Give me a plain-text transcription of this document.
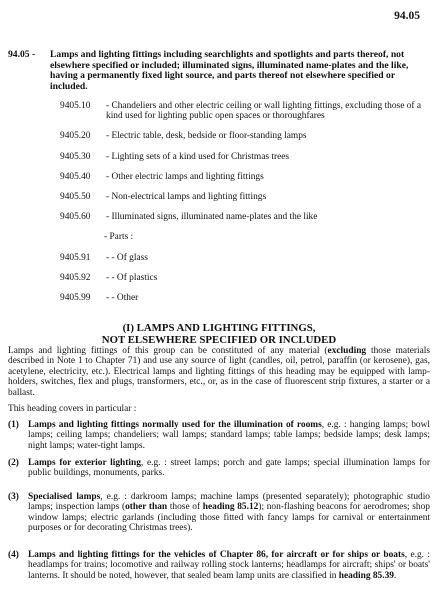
94.05
94.05 - Lamps and lighting fittings including searchlights and spotlights and parts thereof, not elsewhere specified or included; illuminated signs, illuminated name-plates and the like, having a permanently fixed light source, and parts thereof not elsewhere specified or included.
9405.10 - Chandeliers and other electric ceiling or wall lighting fittings, excluding those of a kind used for lighting public open spaces or thoroughfares
9405.20 - Electric table, desk, bedside or floor-standing lamps
9405.30 - Lighting sets of a kind used for Christmas trees
9405.40 - Other electric lamps and lighting fittings
9405.50 - Non-electrical lamps and lighting fittings
9405.60 - Illuminated signs, illuminated name-plates and the like
- Parts :
9405.91 - - Of glass
9405.92 - - Of plastics
9405.99 - - Other
(I) LAMPS AND LIGHTING FITTINGS,
NOT ELSEWHERE SPECIFIED OR INCLUDED
Lamps and lighting fittings of this group can be constituted of any material (excluding those materials described in Note 1 to Chapter 71) and use any source of light (candles, oil, petrol, paraffin (or kerosene), gas, acetylene, electricity, etc.). Electrical lamps and lighting fittings of this heading may be equipped with lamp-holders, switches, flex and plugs, transformers, etc., or, as in the case of fluorescent strip fixtures, a starter or a ballast.
This heading covers in particular :
(1) Lamps and lighting fittings normally used for the illumination of rooms, e.g. : hanging lamps; bowl lamps; ceiling lamps; chandeliers; wall lamps; standard lamps; table lamps; bedside lamps; desk lamps; night lamps; water-tight lamps.
(2) Lamps for exterior lighting, e.g. : street lamps; porch and gate lamps; special illumination lamps for public buildings, monuments, parks.
(3) Specialised lamps, e.g. : darkroom lamps; machine lamps (presented separately); photographic studio lamps; inspection lamps (other than those of heading 85.12); non-flashing beacons for aerodromes; shop window lamps; electric garlands (including those fitted with fancy lamps for carnival or entertainment purposes or for decorating Christmas trees).
(4) Lamps and lighting fittings for the vehicles of Chapter 86, for aircraft or for ships or boats, e.g. : headlamps for trains; locomotive and railway rolling stock lanterns; headlamps for aircraft; ships' or boats' lanterns. It should be noted, however, that sealed beam lamp units are classified in heading 85.39.
